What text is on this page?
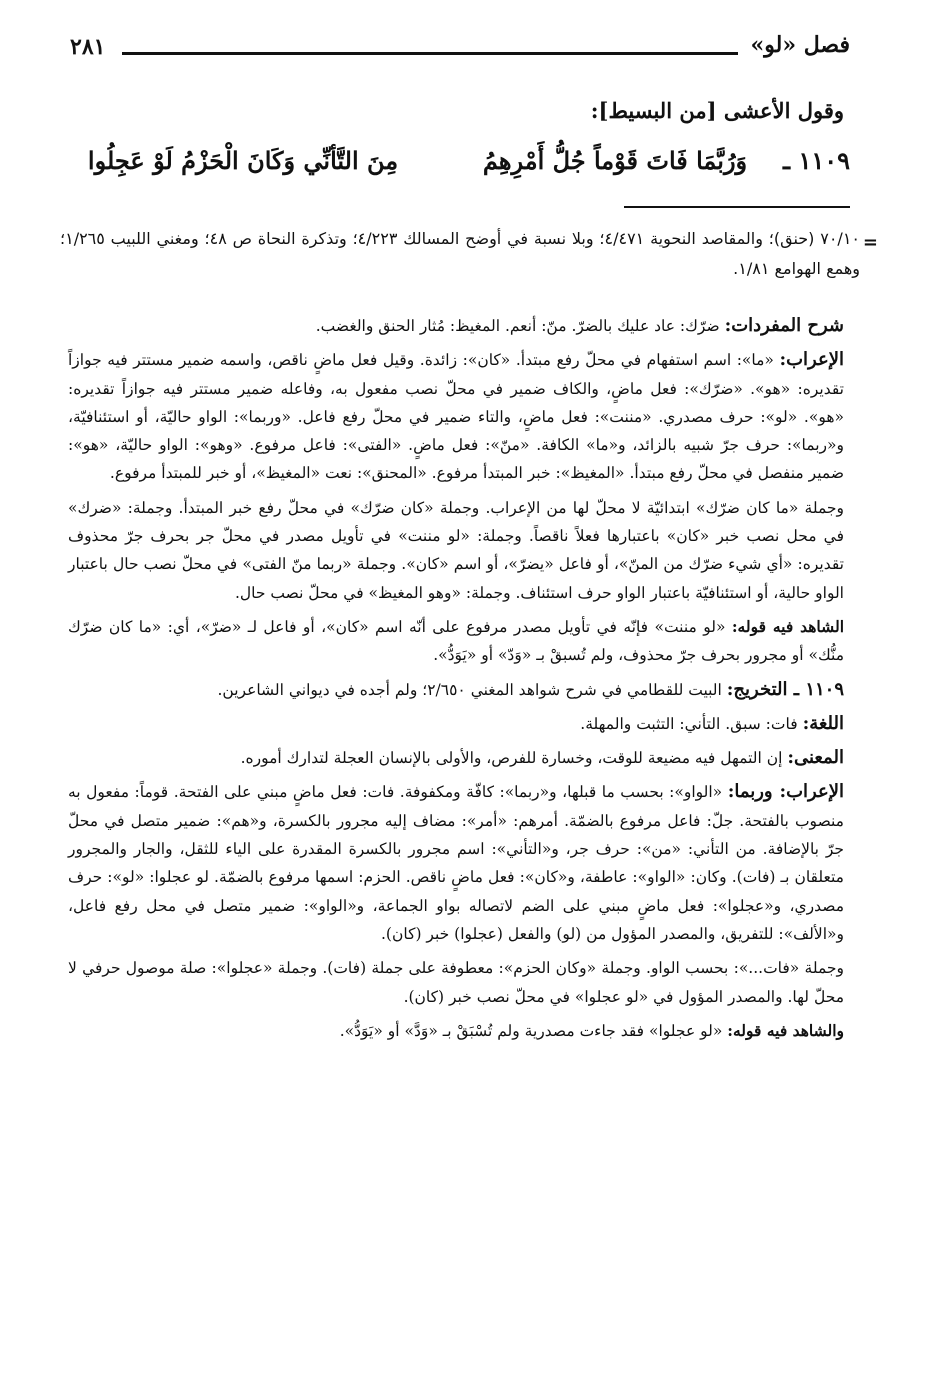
فصل «لو»
٢٨١
وقول الأعشى [من البسيط]:
١١٠٩ ـ
وَرُبَّمَا فَاتَ قَوْماً جُلُّ أَمْرِهِمُ
مِنَ التَّأنِّي وَكَانَ الْحَزْمُ لَوْ عَجِلُوا
=
٧٠/١٠ (حنق)؛ والمقاصد النحوية ٤/٤٧١؛ وبلا نسبة في أوضح المسالك ٤/٢٢٣؛ وتذكرة النحاة ص ٤٨؛ ومغني اللبيب ١/٢٦٥؛ وهمع الهوامع ١/٨١.

شرح المفردات: ضرّك: عاد عليك بالضرّ. منّ: أنعم. المغيظ: مُثار الحنق والغضب.

الإعراب: «ما»: اسم استفهام في محلّ رفع مبتدأ. «كان»: زائدة. وقيل فعل ماضٍ ناقص، واسمه ضمير مستتر فيه جوازاً تقديره: «هو». «ضرّك»: فعل ماضٍ، والكاف ضمير في محلّ نصب مفعول به، وفاعله ضمير مستتر فيه جوازاً تقديره: «هو». «لو»: حرف مصدري. «مننت»: فعل ماضٍ، والتاء ضمير في محلّ رفع فاعل. «وربما»: الواو حاليّة، أو استئنافيّة، و«ربما»: حرف جرّ شبيه بالزائد، و«ما» الكافة. «منّ»: فعل ماضٍ. «الفتى»: فاعل مرفوع. «وهو»: الواو حاليّة، «هو»: ضمير منفصل في محلّ رفع مبتدأ. «المغيظ»: خبر المبتدأ مرفوع. «المحنق»: نعت «المغيظ»، أو خبر للمبتدأ مرفوع.

وجملة «ما كان ضرّك» ابتدائيّة لا محلّ لها من الإعراب. وجملة «كان ضرّك» في محلّ رفع خبر المبتدأ. وجملة: «ضرك» في محل نصب خبر «كان» باعتبارها فعلاً ناقصاً. وجملة: «لو مننت» في تأويل مصدر في محلّ جر بحرف جرّ محذوف تقديره: «أي شيء ضرّك من المنّ»، أو فاعل «يضرّ»، أو اسم «كان». وجملة «ربما منّ الفتى» في محلّ نصب حال باعتبار الواو حالية، أو استئنافيّة باعتبار الواو حرف استئناف. وجملة: «وهو المغيظ» في محلّ نصب حال.

الشاهد فيه قوله: «لو مننت» فإنّه في تأويل مصدر مرفوع على أنّه اسم «كان»، أو فاعل لـ «ضرّ»، أي: «ما كان ضرّك منُّك» أو مجرور بحرف جرّ محذوف، ولم تُسبقْ بـ «وَدّ» أو «يَوَدُّ».

١١٠٩ ـ التخريج: البيت للقطامي في شرح شواهد المغني ٢/٦٥٠؛ ولم أجده في ديواني الشاعرين.

اللغة: فات: سبق. التأني: التثبت والمهلة.

المعنى: إن التمهل فيه مضيعة للوقت، وخسارة للفرص، والأولى بالإنسان العجلة لتدارك أموره.

الإعراب: وربما: «الواو»: بحسب ما قبلها، و«ربما»: كافّة ومكفوفة. فات: فعل ماضٍ مبني على الفتحة. قوماً: مفعول به منصوب بالفتحة. جلّ: فاعل مرفوع بالضمّة. أمرهم: «أمر»: مضاف إليه مجرور بالكسرة، و«هم»: ضمير متصل في محلّ جرّ بالإضافة. من التأني: «من»: حرف جر، و«التأني»: اسم مجرور بالكسرة المقدرة على الياء للثقل، والجار والمجرور متعلقان بـ (فات). وكان: «الواو»: عاطفة، و«كان»: فعل ماضٍ ناقص. الحزم: اسمها مرفوع بالضمّة. لو عجلوا: «لو»: حرف مصدري، و«عجلوا»: فعل ماضٍ مبني على الضم لاتصاله بواو الجماعة، و«الواو»: ضمير متصل في محل رفع فاعل، و«الألف»: للتفريق، والمصدر المؤول من (لو) والفعل (عجلوا) خبر (كان).

وجملة «فات...»: بحسب الواو. وجملة «وكان الحزم»: معطوفة على جملة (فات). وجملة «عجلوا»: صلة موصول حرفي لا محلّ لها. والمصدر المؤول في «لو عجلوا» في محلّ نصب خبر (كان).

والشاهد فيه قوله: «لو عجلوا» فقد جاءت مصدرية ولم تُسْبَقْ بـ «وَدَّ» أو «يَوَدُّ».
